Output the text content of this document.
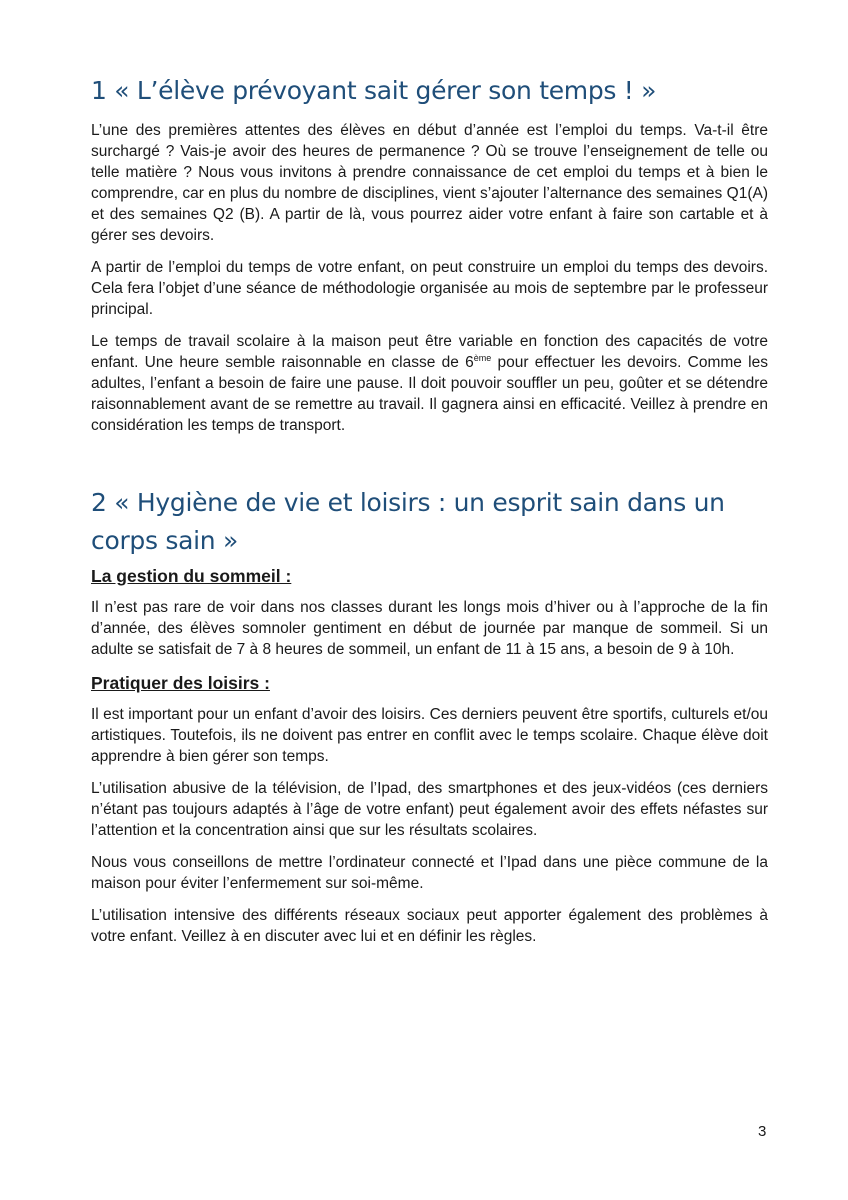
1 « L’élève prévoyant sait gérer son temps ! »

L’une des premières attentes des élèves en début d’année est l’emploi du temps. Va-t-il être surchargé ? Vais-je avoir des heures de permanence ? Où se trouve l’enseignement de telle ou telle matière ? Nous vous invitons à prendre connaissance de cet emploi du temps et à bien le comprendre, car en plus du nombre de disciplines, vient s’ajouter l’alternance des semaines Q1(A) et des semaines Q2 (B). A partir de là, vous pourrez aider votre enfant à faire son cartable et à gérer ses devoirs.

A partir de l’emploi du temps de votre enfant, on peut construire un emploi du temps des devoirs. Cela fera l’objet d’une séance de méthodologie organisée au mois de septembre par le professeur principal.

Le temps de travail scolaire à la maison peut être variable en fonction des capacités de votre enfant. Une heure semble raisonnable en classe de 6ème pour effectuer les devoirs. Comme les adultes, l’enfant a besoin de faire une pause. Il doit pouvoir souffler un peu, goûter et se détendre raisonnablement avant de se remettre au travail. Il gagnera ainsi en efficacité. Veillez à prendre en considération les temps de transport.

2 « Hygiène de vie et loisirs : un esprit sain dans un corps sain »
La gestion du sommeil :

Il n’est pas rare de voir dans nos classes durant les longs mois d’hiver ou à l’approche de la fin d’année, des élèves somnoler gentiment en début de journée par manque de sommeil. Si un adulte se satisfait de 7 à 8 heures de sommeil, un enfant de 11 à 15 ans, a besoin de 9 à 10h.

Pratiquer des loisirs :

Il est important pour un enfant d’avoir des loisirs. Ces derniers peuvent être sportifs, culturels et/ou artistiques. Toutefois, ils ne doivent pas entrer en conflit avec le temps scolaire. Chaque élève doit apprendre à bien gérer son temps.

L’utilisation abusive de la télévision, de l’Ipad, des smartphones et des jeux-vidéos (ces derniers n’étant pas toujours adaptés à l’âge de votre enfant) peut également avoir des effets néfastes sur l’attention et la concentration ainsi que sur les résultats scolaires.

Nous vous conseillons de mettre l’ordinateur connecté et l’Ipad dans une pièce commune de la maison pour éviter l’enfermement sur soi-même.

L’utilisation intensive des différents réseaux sociaux peut apporter également des problèmes à votre enfant. Veillez à en discuter avec lui et en définir les règles.

3
